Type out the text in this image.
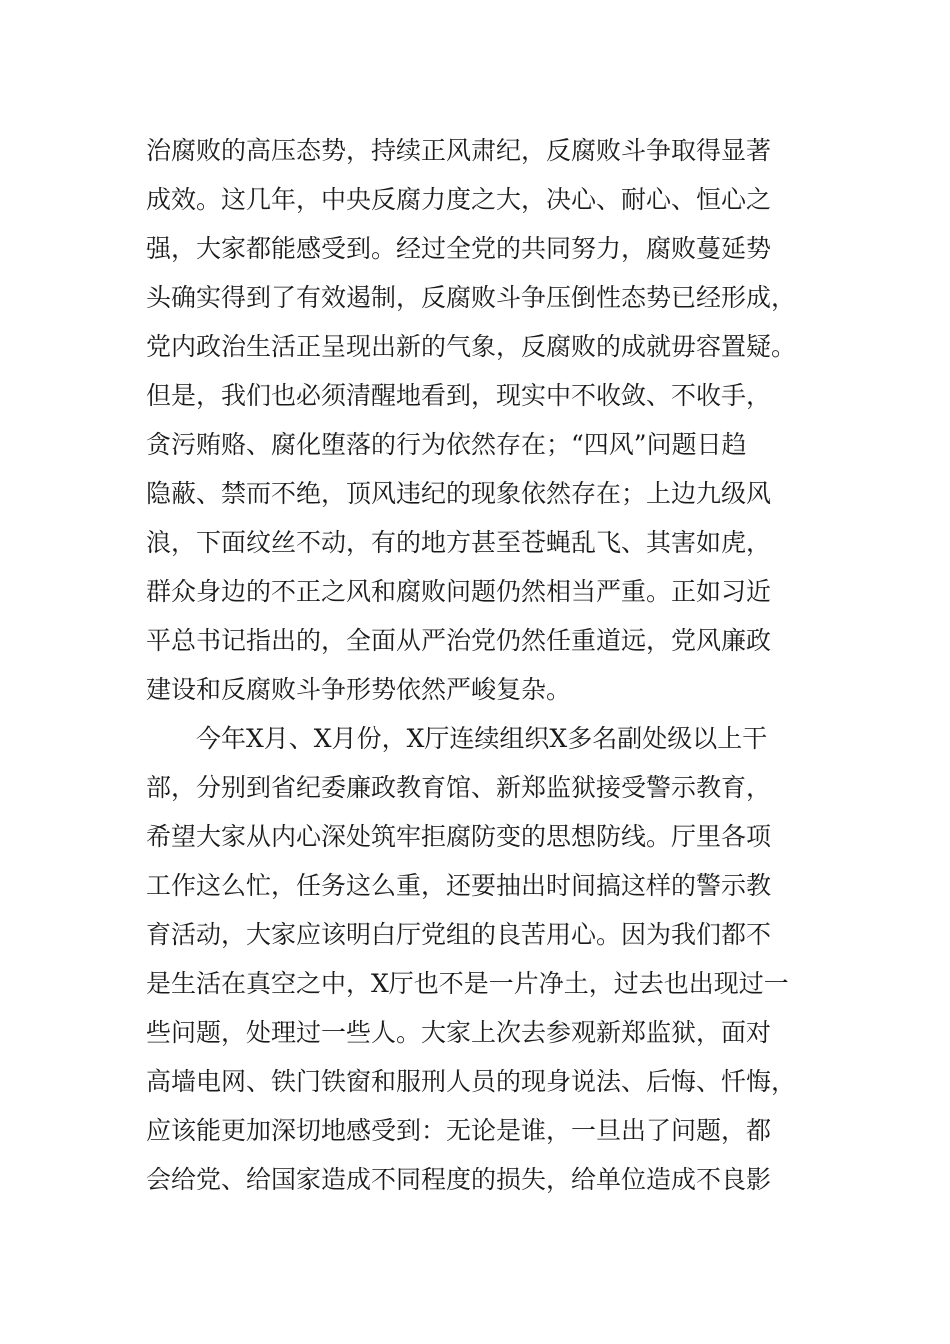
治腐败的高压态势，持续正风肃纪，反腐败斗争取得显著
成效。这几年，中央反腐力度之大，决心、耐心、恒心之
强，大家都能感受到。经过全党的共同努力，腐败蔓延势
头确实得到了有效遏制，反腐败斗争压倒性态势已经形成，
党内政治生活正呈现出新的气象，反腐败的成就毋容置疑。
但是，我们也必须清醒地看到，现实中不收敛、不收手，
贪污贿赂、腐化堕落的行为依然存在；“四风”问题日趋
隐蔽、禁而不绝，顶风违纪的现象依然存在；上边九级风
浪，下面纹丝不动，有的地方甚至苍蝇乱飞、其害如虎，
群众身边的不正之风和腐败问题仍然相当严重。正如习近
平总书记指出的，全面从严治党仍然任重道远，党风廉政
建设和反腐败斗争形势依然严峻复杂。
今年X月、X月份，X厅连续组织X多名副处级以上干
部，分别到省纪委廉政教育馆、新郑监狱接受警示教育，
希望大家从内心深处筑牢拒腐防变的思想防线。厅里各项
工作这么忙，任务这么重，还要抽出时间搞这样的警示教
育活动，大家应该明白厅党组的良苦用心。因为我们都不
是生活在真空之中，X厅也不是一片净土，过去也出现过一
些问题，处理过一些人。大家上次去参观新郑监狱，面对
高墙电网、铁门铁窗和服刑人员的现身说法、后悔、忏悔，
应该能更加深切地感受到：无论是谁，一旦出了问题，都
会给党、给国家造成不同程度的损失，给单位造成不良影
